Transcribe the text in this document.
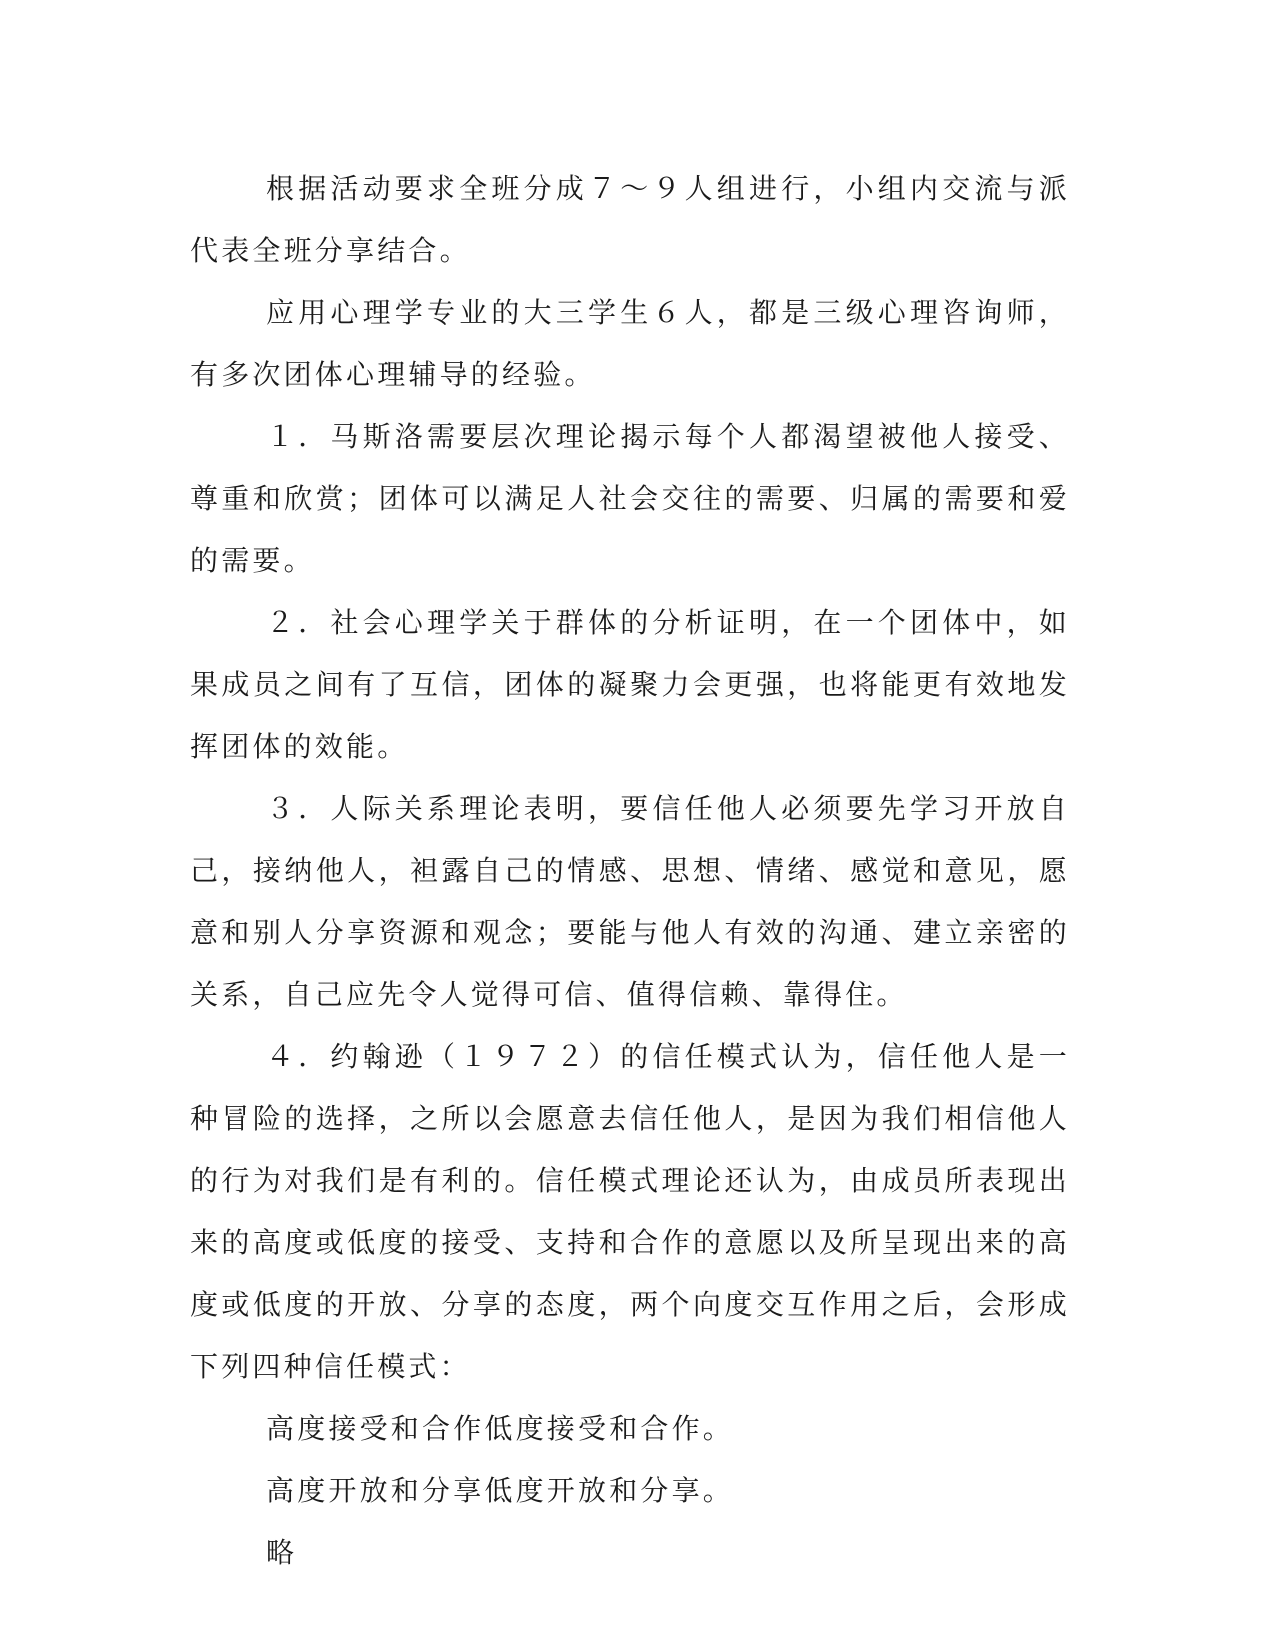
根据活动要求全班分成７～９人组进行，小组内交流与派代表全班分享结合。

应用心理学专业的大三学生６人，都是三级心理咨询师，有多次团体心理辅导的经验。

１．马斯洛需要层次理论揭示每个人都渴望被他人接受、尊重和欣赏；团体可以满足人社会交往的需要、归属的需要和爱的需要。

２．社会心理学关于群体的分析证明，在一个团体中，如果成员之间有了互信，团体的凝聚力会更强，也将能更有效地发挥团体的效能。

３．人际关系理论表明，要信任他人必须要先学习开放自己，接纳他人，袒露自己的情感、思想、情绪、感觉和意见，愿意和别人分享资源和观念；要能与他人有效的沟通、建立亲密的关系，自己应先令人觉得可信、值得信赖、靠得住。

４．约翰逊（１９７２）的信任模式认为，信任他人是一种冒险的选择，之所以会愿意去信任他人，是因为我们相信他人的行为对我们是有利的。信任模式理论还认为，由成员所表现出来的高度或低度的接受、支持和合作的意愿以及所呈现出来的高度或低度的开放、分享的态度，两个向度交互作用之后，会形成下列四种信任模式：

高度接受和合作低度接受和合作。

高度开放和分享低度开放和分享。

略
